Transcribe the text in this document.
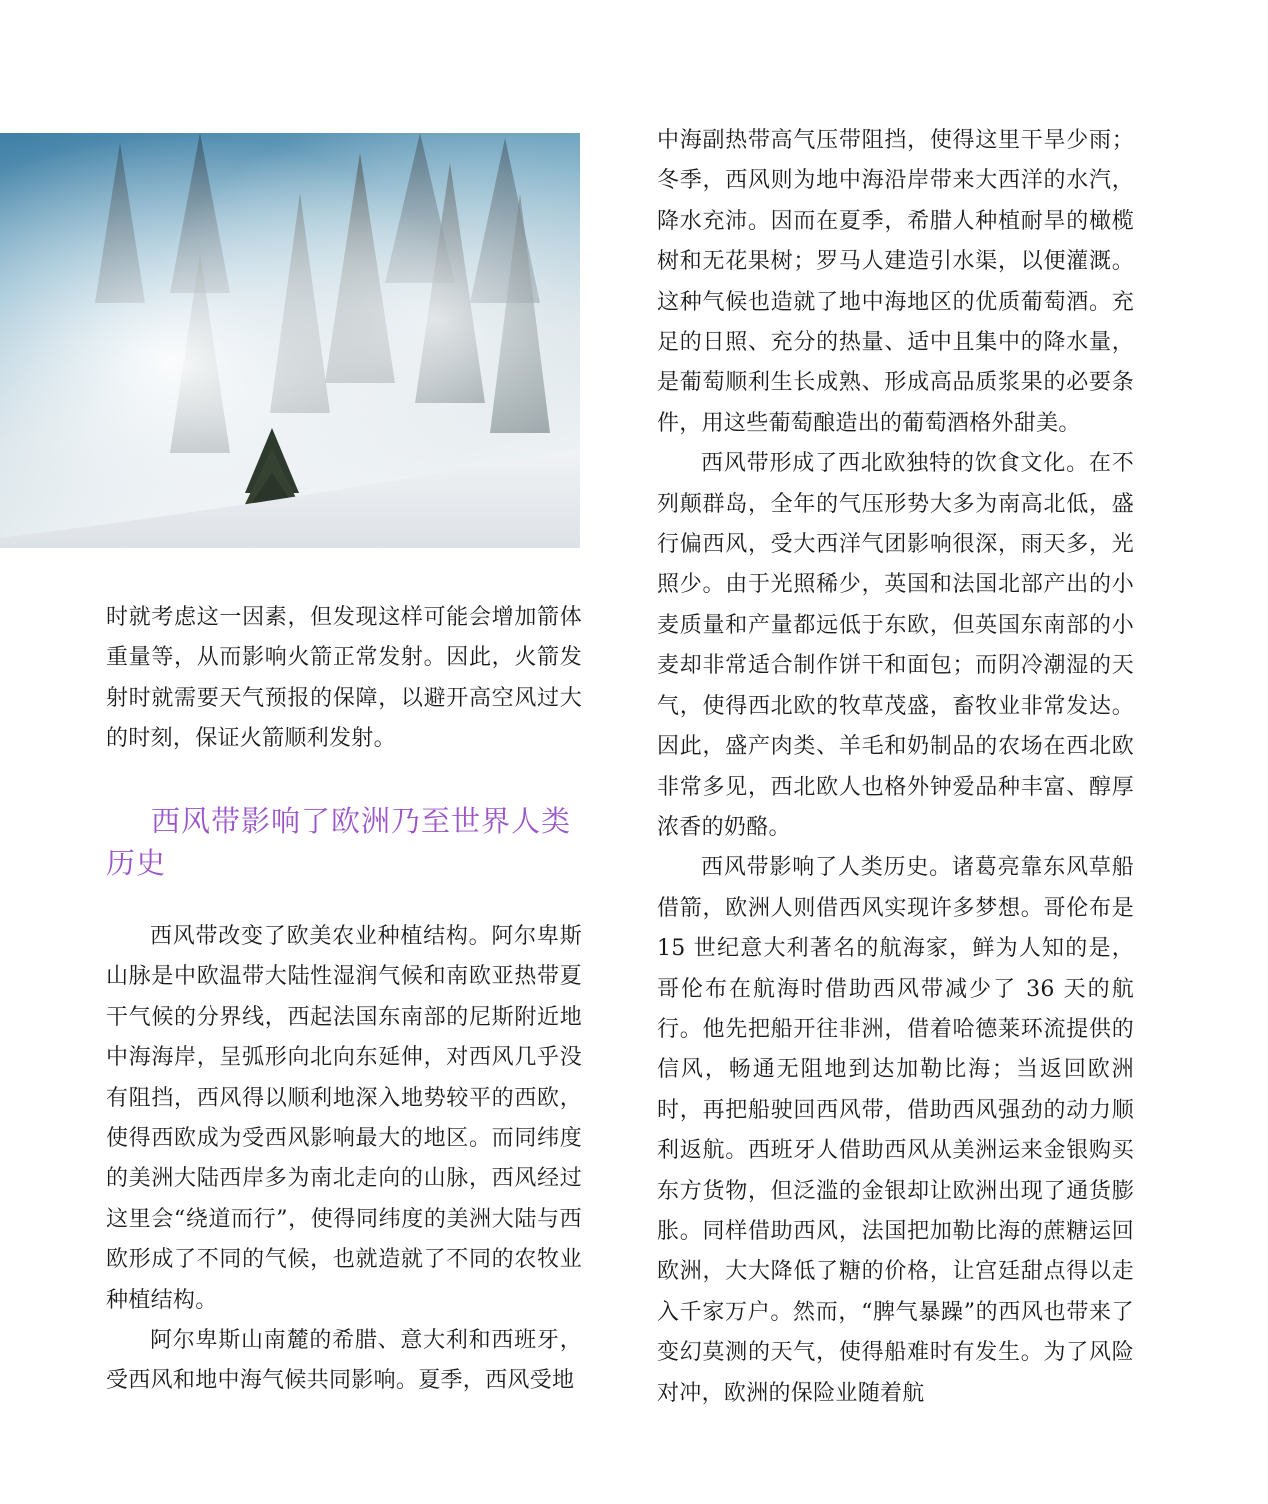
时就考虑这一因素，但发现这样可能会增加箭体重量等，从而影响火箭正常发射。因此，火箭发射时就需要天气预报的保障，以避开高空风过大的时刻，保证火箭顺利发射。

西风带影响了欧洲乃至世界人类历史

西风带改变了欧美农业种植结构。阿尔卑斯山脉是中欧温带大陆性湿润气候和南欧亚热带夏干气候的分界线，西起法国东南部的尼斯附近地中海海岸，呈弧形向北向东延伸，对西风几乎没有阻挡，西风得以顺利地深入地势较平的西欧，使得西欧成为受西风影响最大的地区。而同纬度的美洲大陆西岸多为南北走向的山脉，西风经过这里会“绕道而行”，使得同纬度的美洲大陆与西欧形成了不同的气候，也就造就了不同的农牧业种植结构。

阿尔卑斯山南麓的希腊、意大利和西班牙，受西风和地中海气候共同影响。夏季，西风受地

中海副热带高气压带阻挡，使得这里干旱少雨；冬季，西风则为地中海沿岸带来大西洋的水汽，降水充沛。因而在夏季，希腊人种植耐旱的橄榄树和无花果树；罗马人建造引水渠，以便灌溉。这种气候也造就了地中海地区的优质葡萄酒。充足的日照、充分的热量、适中且集中的降水量，是葡萄顺利生长成熟、形成高品质浆果的必要条件，用这些葡萄酿造出的葡萄酒格外甜美。

西风带形成了西北欧独特的饮食文化。在不列颠群岛，全年的气压形势大多为南高北低，盛行偏西风，受大西洋气团影响很深，雨天多，光照少。由于光照稀少，英国和法国北部产出的小麦质量和产量都远低于东欧，但英国东南部的小麦却非常适合制作饼干和面包；而阴冷潮湿的天气，使得西北欧的牧草茂盛，畜牧业非常发达。因此，盛产肉类、羊毛和奶制品的农场在西北欧非常多见，西北欧人也格外钟爱品种丰富、醇厚浓香的奶酪。

西风带影响了人类历史。诸葛亮靠东风草船借箭，欧洲人则借西风实现许多梦想。哥伦布是 15 世纪意大利著名的航海家，鲜为人知的是，哥伦布在航海时借助西风带减少了 36 天的航行。他先把船开往非洲，借着哈德莱环流提供的信风，畅通无阻地到达加勒比海；当返回欧洲时，再把船驶回西风带，借助西风强劲的动力顺利返航。西班牙人借助西风从美洲运来金银购买东方货物，但泛滥的金银却让欧洲出现了通货膨胀。同样借助西风，法国把加勒比海的蔗糖运回欧洲，大大降低了糖的价格，让宫廷甜点得以走入千家万户。然而，“脾气暴躁”的西风也带来了变幻莫测的天气，使得船难时有发生。为了风险对冲，欧洲的保险业随着航
